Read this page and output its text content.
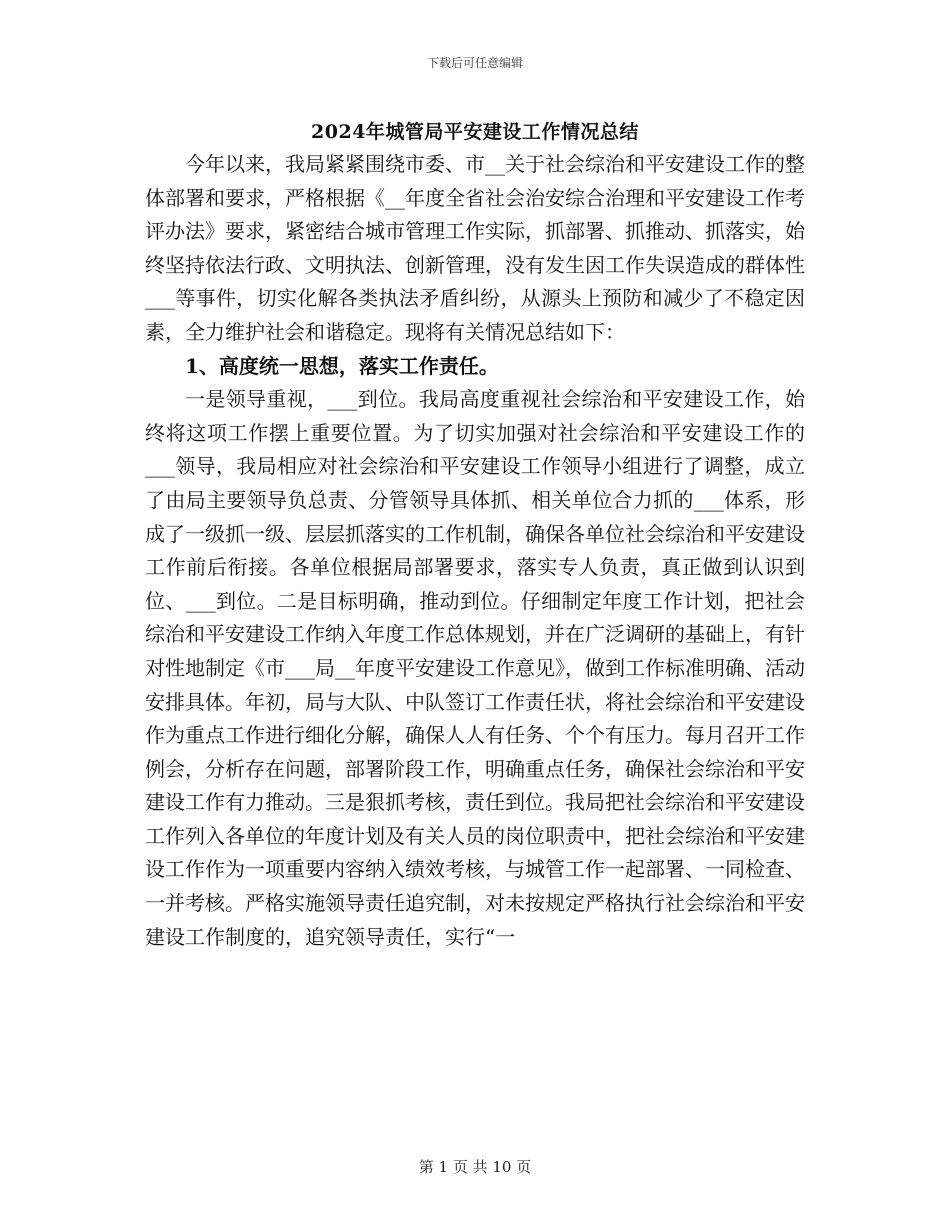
下载后可任意编辑
2024年城管局平安建设工作情况总结

今年以来，我局紧紧围绕市委、市__关于社会综治和平安建设工作的整体部署和要求，严格根据《__年度全省社会治安综合治理和平安建设工作考评办法》要求，紧密结合城市管理工作实际，抓部署、抓推动、抓落实，始终坚持依法行政、文明执法、创新管理，没有发生因工作失误造成的群体性___等事件，切实化解各类执法矛盾纠纷，从源头上预防和减少了不稳定因素，全力维护社会和谐稳定。现将有关情况总结如下：

1、高度统一思想，落实工作责任。

一是领导重视，___到位。我局高度重视社会综治和平安建设工作，始终将这项工作摆上重要位置。为了切实加强对社会综治和平安建设工作的___领导，我局相应对社会综治和平安建设工作领导小组进行了调整，成立了由局主要领导负总责、分管领导具体抓、相关单位合力抓的___体系，形成了一级抓一级、层层抓落实的工作机制，确保各单位社会综治和平安建设工作前后衔接。各单位根据局部署要求，落实专人负责，真正做到认识到位、___到位。二是目标明确，推动到位。仔细制定年度工作计划，把社会综治和平安建设工作纳入年度工作总体规划，并在广泛调研的基础上，有针对性地制定《市___局__年度平安建设工作意见》，做到工作标准明确、活动安排具体。年初，局与大队、中队签订工作责任状，将社会综治和平安建设作为重点工作进行细化分解，确保人人有任务、个个有压力。每月召开工作例会，分析存在问题，部署阶段工作，明确重点任务，确保社会综治和平安建设工作有力推动。三是狠抓考核，责任到位。我局把社会综治和平安建设工作列入各单位的年度计划及有关人员的岗位职责中，把社会综治和平安建设工作作为一项重要内容纳入绩效考核，与城管工作一起部署、一同检查、一并考核。严格实施领导责任追究制，对未按规定严格执行社会综治和平安建设工作制度的，追究领导责任，实行“一

第 1 页 共 10 页
